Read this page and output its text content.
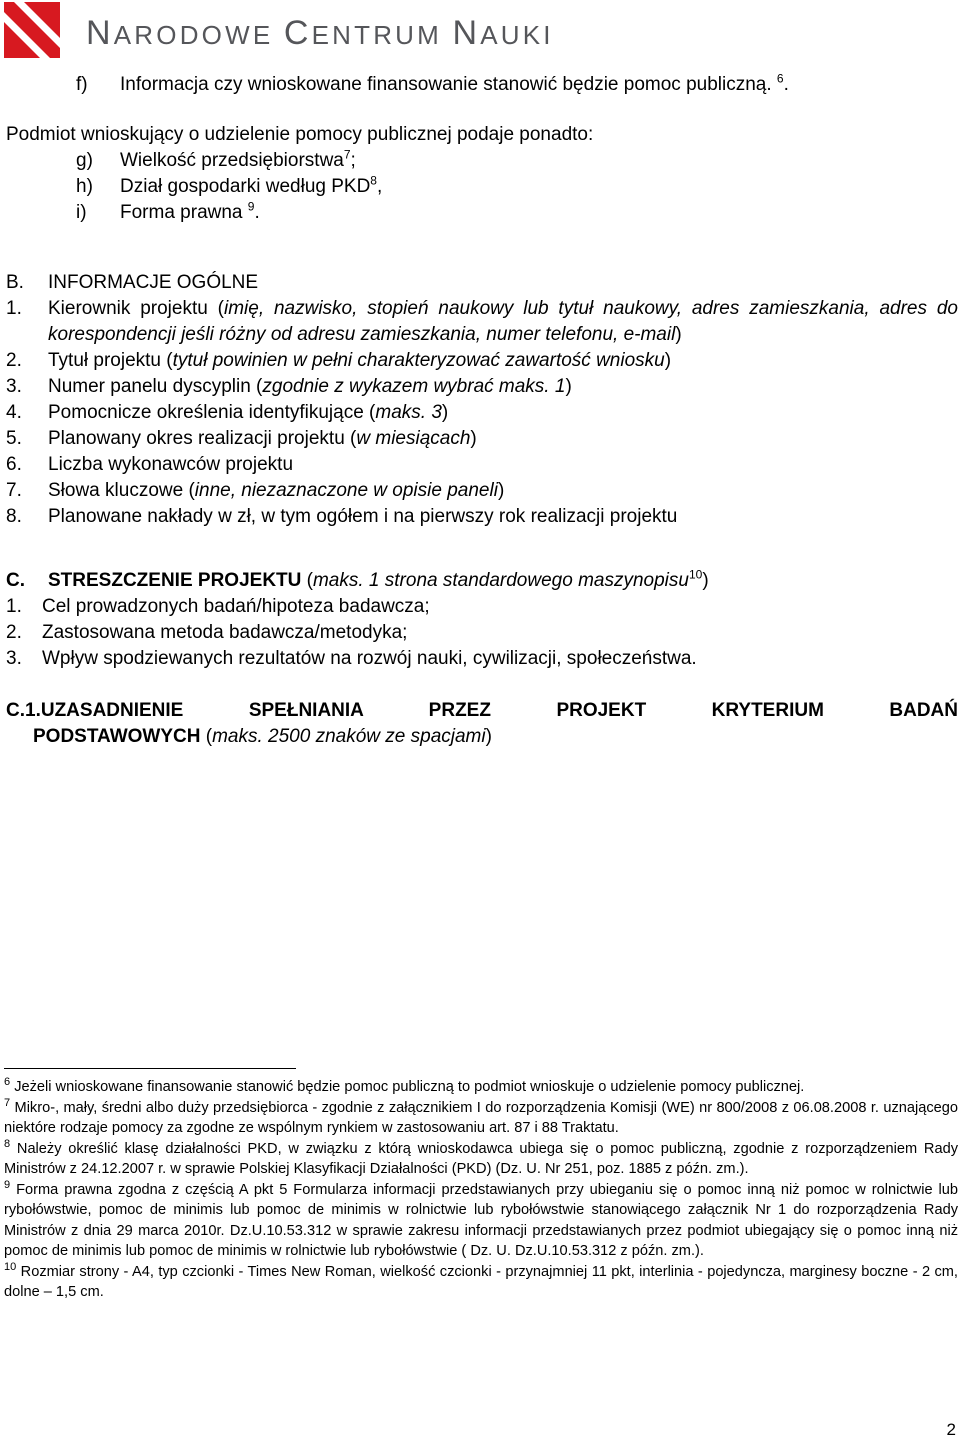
NARODOWE CENTRUM NAUKI
f) Informacja czy wnioskowane finansowanie stanowić będzie pomoc publiczną. $^6$.
Podmiot wnioskujący o udzielenie pomocy publicznej podaje ponadto:
g) Wielkość przedsiębiorstwa$^7$;
h) Dział gospodarki według PKD$^8$,
i) Forma prawna $^9$.
B. INFORMACJE OGÓLNE
1. Kierownik projektu (imię, nazwisko, stopień naukowy lub tytuł naukowy, adres zamieszkania, adres do korespondencji jeśli różny od adresu zamieszkania, numer telefonu, e-mail)
2. Tytuł projektu (tytuł powinien w pełni charakteryzować zawartość wniosku)
3. Numer panelu dyscyplin (zgodnie z wykazem wybrać maks. 1)
4. Pomocnicze określenia identyfikujące (maks. 3)
5. Planowany okres realizacji projektu (w miesiącach)
6. Liczba wykonawców projektu
7. Słowa kluczowe (inne, niezaznaczone w opisie paneli)
8. Planowane nakłady w zł, w tym ogółem i na pierwszy rok realizacji projektu
C. STRESZCZENIE PROJEKTU (maks. 1 strona standardowego maszynopisu$^{10}$)
1. Cel prowadzonych badań/hipoteza badawcza;
2. Zastosowana metoda badawcza/metodyka;
3. Wpływ spodziewanych rezultatów na rozwój nauki, cywilizacji, społeczeństwa.
C.1.UZASADNIENIE SPEŁNIANIA PRZEZ PROJEKT KRYTERIUM BADAŃ
PODSTAWOWYCH (maks. 2500 znaków ze spacjami)
$^6$ Jeżeli wnioskowane finansowanie stanowić będzie pomoc publiczną to podmiot wnioskuje o udzielenie pomocy publicznej.
$^7$ Mikro-, mały, średni albo duży przedsiębiorca - zgodnie z załącznikiem I do rozporządzenia Komisji (WE) nr 800/2008 z 06.08.2008 r. uznającego niektóre rodzaje pomocy za zgodne ze wspólnym rynkiem w zastosowaniu art. 87 i 88 Traktatu.
$^8$ Należy określić klasę działalności PKD, w związku z którą wnioskodawca ubiega się o pomoc publiczną, zgodnie z rozporządzeniem Rady Ministrów z 24.12.2007 r. w sprawie Polskiej Klasyfikacji Działalności (PKD) (Dz. U. Nr 251, poz. 1885 z późn. zm.).
$^9$ Forma prawna zgodna z częścią A pkt 5 Formularza informacji przedstawianych przy ubieganiu się o pomoc inną niż pomoc w rolnictwie lub rybołówstwie, pomoc de minimis lub pomoc de minimis w rolnictwie lub rybołówstwie stanowiącego załącznik Nr 1 do rozporządzenia Rady Ministrów z dnia 29 marca 2010r. Dz.U.10.53.312 w sprawie zakresu informacji przedstawianych przez podmiot ubiegający się o pomoc inną niż pomoc de minimis lub pomoc de minimis w rolnictwie lub rybołówstwie ( Dz. U. Dz.U.10.53.312 z późn. zm.).
$^{10}$ Rozmiar strony - A4, typ czcionki - Times New Roman, wielkość czcionki - przynajmniej 11 pkt, interlinia - pojedyncza, marginesy boczne - 2 cm, dolne – 1,5 cm.
2
